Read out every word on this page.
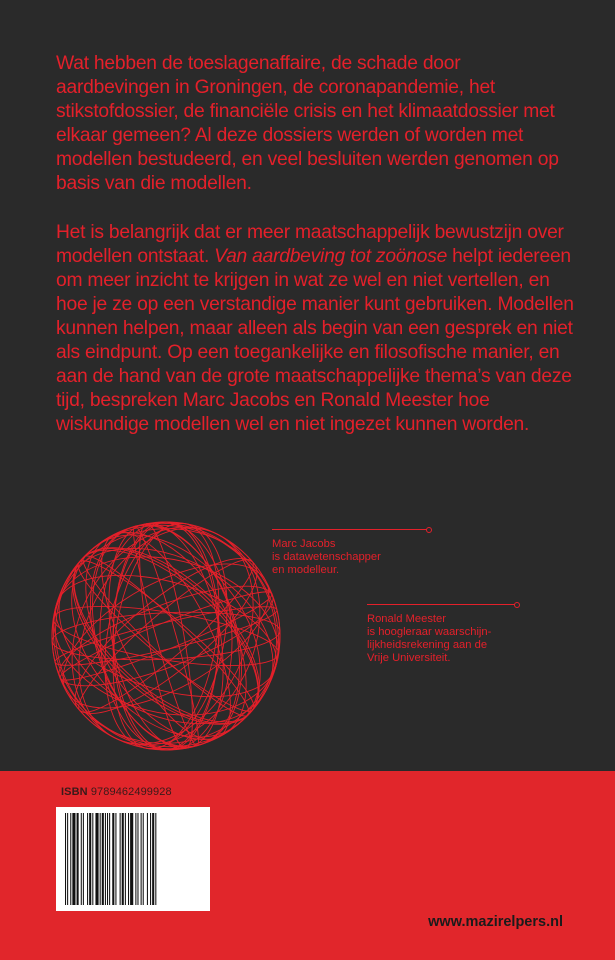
Wat hebben de toeslagenaffaire, de schade door aardbevingen in Groningen, de coronapandemie, het stikstofdossier, de financiële crisis en het klimaatdossier met elkaar gemeen? Al deze dossiers werden of worden met modellen bestudeerd, en veel besluiten werden genomen op basis van die modellen.

Het is belangrijk dat er meer maatschappelijk bewustzijn over modellen ontstaat. Van aardbeving tot zoönose helpt iedereen om meer inzicht te krijgen in wat ze wel en niet vertellen, en hoe je ze op een verstandige manier kunt gebruiken. Modellen kunnen helpen, maar alleen als begin van een gesprek en niet als eindpunt. Op een toegankelijke en filosofische manier, en aan de hand van de grote maatschappelijke thema’s van deze tijd, bespreken Marc Jacobs en Ronald Meester hoe wiskundige modellen wel en niet ingezet kunnen worden.

Marc Jacobs
is datawetenschapper
en modelleur.
Ronald Meester
is hoogleraar waarschijn-
lijkheidsrekening aan de
Vrije Universiteit.
ISBN 9789462499928
www.mazirelpers.nl
